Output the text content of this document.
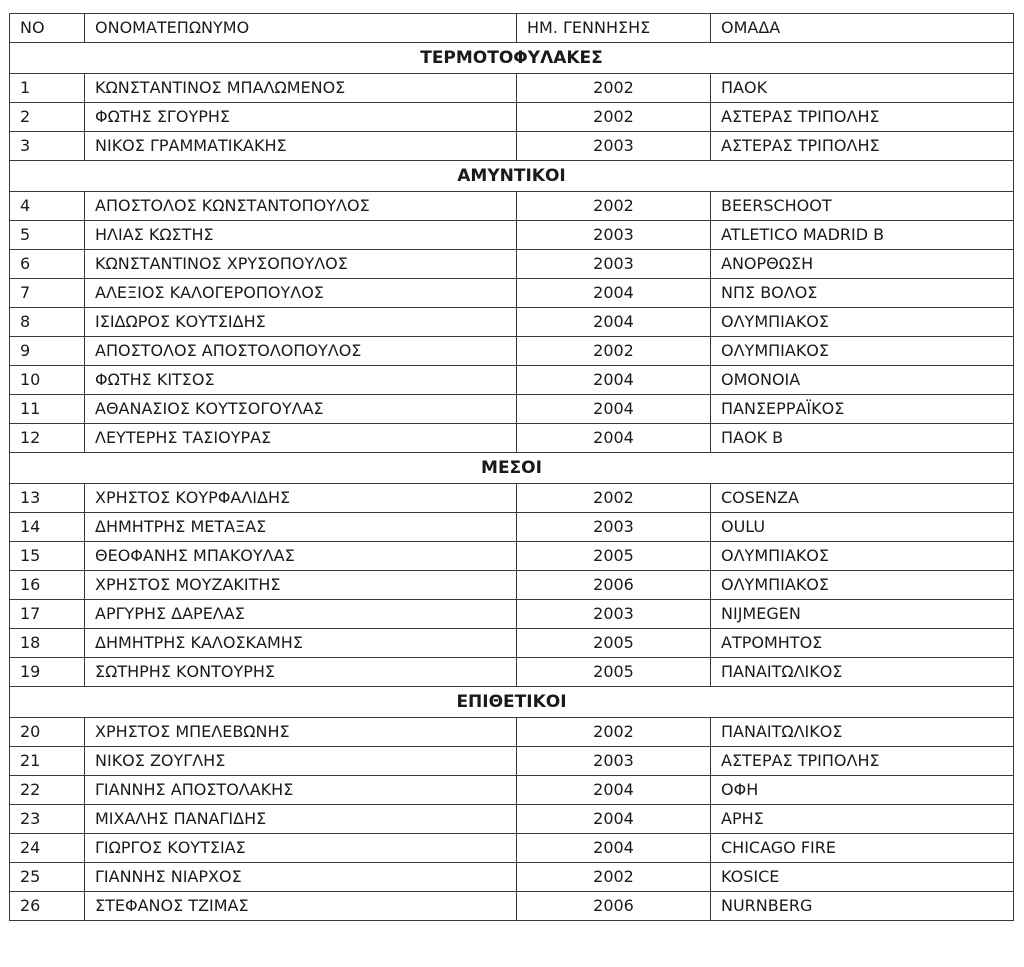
ΝΟ	ΟΝΟΜΑΤΕΠΩΝΥΜΟ	ΗΜ. ΓΕΝΝΗΣΗΣ	ΟΜΑΔΑ
ΤΕΡΜΟΤΟΦΥΛΑΚΕΣ			
1	ΚΩΝΣΤΑΝΤΙΝΟΣ ΜΠΑΛΩΜΕΝΟΣ	2002	ΠΑΟΚ
2	ΦΩΤΗΣ ΣΓΟΥΡΗΣ	2002	ΑΣΤΕΡΑΣ ΤΡΙΠΟΛΗΣ
3	ΝΙΚΟΣ ΓΡΑΜΜΑΤΙΚΑΚΗΣ	2003	ΑΣΤΕΡΑΣ ΤΡΙΠΟΛΗΣ
ΑΜΥΝΤΙΚΟΙ			
4	ΑΠΟΣΤΟΛΟΣ ΚΩΝΣΤΑΝΤΟΠΟΥΛΟΣ	2002	BEERSCHOOT
5	ΗΛΙΑΣ ΚΩΣΤΗΣ	2003	ATLETICO MADRID B
6	ΚΩΝΣΤΑΝΤΙΝΟΣ ΧΡΥΣΟΠΟΥΛΟΣ	2003	ΑΝΟΡΘΩΣΗ
7	ΑΛΕΞΙΟΣ ΚΑΛΟΓΕΡΟΠΟΥΛΟΣ	2004	ΝΠΣ ΒΟΛΟΣ
8	ΙΣΙΔΩΡΟΣ ΚΟΥΤΣΙΔΗΣ	2004	ΟΛΥΜΠΙΑΚΟΣ
9	ΑΠΟΣΤΟΛΟΣ ΑΠΟΣΤΟΛΟΠΟΥΛΟΣ	2002	ΟΛΥΜΠΙΑΚΟΣ
10	ΦΩΤΗΣ ΚΙΤΣΟΣ	2004	ΟΜΟΝΟΙΑ
11	ΑΘΑΝΑΣΙΟΣ ΚΟΥΤΣΟΓΟΥΛΑΣ	2004	ΠΑΝΣΕΡΡΑΪΚΟΣ
12	ΛΕΥΤΕΡΗΣ ΤΑΣΙΟΥΡΑΣ	2004	ΠΑΟΚ Β
ΜΕΣΟΙ			
13	ΧΡΗΣΤΟΣ ΚΟΥΡΦΑΛΙΔΗΣ	2002	COSENZA
14	ΔΗΜΗΤΡΗΣ ΜΕΤΑΞΑΣ	2003	OULU
15	ΘΕΟΦΑΝΗΣ ΜΠΑΚΟΥΛΑΣ	2005	ΟΛΥΜΠΙΑΚΟΣ
16	ΧΡΗΣΤΟΣ ΜΟΥΖΑΚΙΤΗΣ	2006	ΟΛΥΜΠΙΑΚΟΣ
17	ΑΡΓΥΡΗΣ ΔΑΡΕΛΑΣ	2003	NIJMEGEN
18	ΔΗΜΗΤΡΗΣ ΚΑΛΟΣΚΑΜΗΣ	2005	ΑΤΡΟΜΗΤΟΣ
19	ΣΩΤΗΡΗΣ ΚΟΝΤΟΥΡΗΣ	2005	ΠΑΝΑΙΤΩΛΙΚΟΣ
ΕΠΙΘΕΤΙΚΟΙ			
20	ΧΡΗΣΤΟΣ ΜΠΕΛΕΒΩΝΗΣ	2002	ΠΑΝΑΙΤΩΛΙΚΟΣ
21	ΝΙΚΟΣ ΖΟΥΓΛΗΣ	2003	ΑΣΤΕΡΑΣ ΤΡΙΠΟΛΗΣ
22	ΓΙΑΝΝΗΣ ΑΠΟΣΤΟΛΑΚΗΣ	2004	ΟΦΗ
23	ΜΙΧΑΛΗΣ ΠΑΝΑΓΙΔΗΣ	2004	ΑΡΗΣ
24	ΓΙΩΡΓΟΣ ΚΟΥΤΣΙΑΣ	2004	CHICAGO FIRE
25	ΓΙΑΝΝΗΣ ΝΙΑΡΧΟΣ	2002	KOSICE
26	ΣΤΕΦΑΝΟΣ ΤΖΙΜΑΣ	2006	NURNBERG
